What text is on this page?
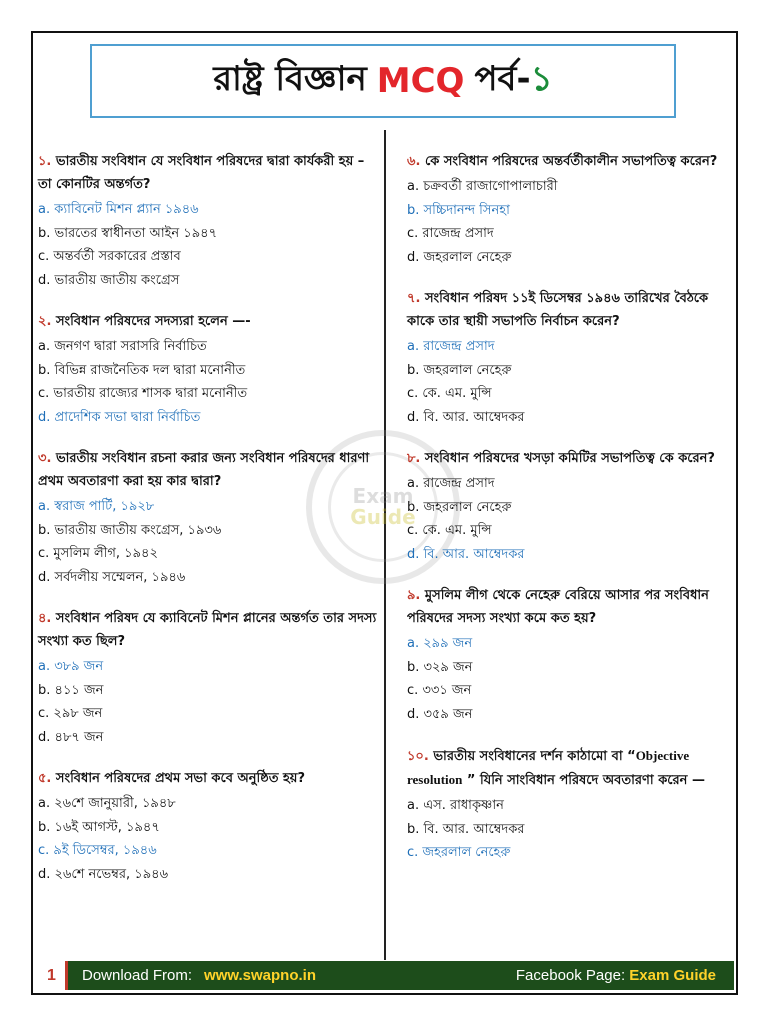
রাষ্ট্র বিজ্ঞান MCQ পর্ব- ১
Exam
Guide

১. ভারতীয় সংবিধান যে সংবিধান পরিষদের দ্বারা কার্যকরী হয় – তা কোনটির অন্তর্গত?

a. ক্যাবিনেট মিশন প্ল্যান ১৯৪৬
b. ভারতের স্বাধীনতা আইন ১৯৪৭
c. অন্তর্বর্তী সরকারের প্রস্তাব
d. ভারতীয় জাতীয় কংগ্রেস

২. সংবিধান পরিষদের সদস্যরা হলেন —-

a. জনগণ দ্বারা সরাসরি নির্বাচিত
b. বিভিন্ন রাজনৈতিক দল দ্বারা মনোনীত
c. ভারতীয় রাজ্যের শাসক দ্বারা মনোনীত
d. প্রাদেশিক সভা দ্বারা নির্বাচিত

৩. ভারতীয় সংবিধান রচনা করার জন্য সংবিধান পরিষদের ধারণা প্রথম অবতারণা করা হয় কার দ্বারা?

a. স্বরাজ পার্টি, ১৯২৮
b. ভারতীয় জাতীয় কংগ্রেস, ১৯৩৬
c. মুসলিম লীগ, ১৯৪২
d. সর্বদলীয় সম্মেলন, ১৯৪৬

৪. সংবিধান পরিষদ যে ক্যাবিনেট মিশন প্লানের অন্তর্গত তার সদস্য সংখ্যা কত ছিল?

a. ৩৮৯ জন
b. ৪১১ জন
c. ২৯৮ জন
d. ৪৮৭ জন

৫. সংবিধান পরিষদের প্রথম সভা কবে অনুষ্ঠিত হয়?

a. ২৬শে জানুয়ারী, ১৯৪৮
b. ১৬ই আগস্ট, ১৯৪৭
c. ৯ই ডিসেম্বর, ১৯৪৬
d. ২৬শে নভেম্বর, ১৯৪৬

৬. কে সংবিধান পরিষদের অন্তর্বর্তীকালীন সভাপতিত্ব করেন?

a. চক্রবর্তী রাজাগোপালাচারী
b. সচ্চিদানন্দ সিনহা
c. রাজেন্দ্র প্রসাদ
d. জহরলাল নেহেরু

৭. সংবিধান পরিষদ ১১ই ডিসেম্বর ১৯৪৬ তারিখের বৈঠকে কাকে তার স্থায়ী সভাপতি নির্বাচন করেন?

a. রাজেন্দ্র প্রসাদ
b. জহরলাল নেহেরু
c. কে. এম. মুন্সি
d. বি. আর. আম্বেদকর

৮. সংবিধান পরিষদের খসড়া কমিটির সভাপতিত্ব কে করেন?

a. রাজেন্দ্র প্রসাদ
b. জহরলাল নেহেরু
c. কে. এম. মুন্সি
d. বি. আর. আম্বেদকর

৯. মুসলিম লীগ থেকে নেহেরু বেরিয়ে আসার পর সংবিধান পরিষদের সদস্য সংখ্যা কমে কত হয়?

a. ২৯৯ জন
b. ৩২৯ জন
c. ৩৩১ জন
d. ৩৫৯ জন

১০. ভারতীয় সংবিধানের দর্শন কাঠামো বা “Objective resolution ” যিনি সাংবিধান পরিষদে অবতারণা করেন —

a. এস. রাধাকৃষ্ণান
b. বি. আর. আম্বেদকর
c. জহরলাল নেহেরু
1	Download From: www.swapno.in	Facebook Page: Exam Guide
